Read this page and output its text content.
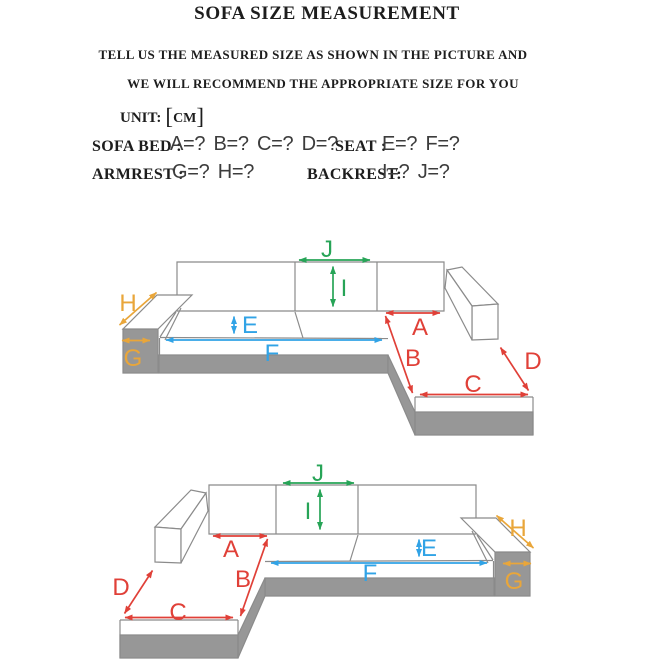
SOFA SIZE MEASUREMENT
TELL US THE MEASURED SIZE AS SHOWN IN THE PICTURE AND
WE WILL RECOMMEND THE APPROPRIATE SIZE FOR YOU
UNIT: [CM]
SOFA BED :
A=? B=? C=? D=?
SEAT :
E=? F=?
ARMREST :
G=? H=?	BACKREST:
I=? J=?
H
G
E
F
J
I
A
B
C
D
J
I
E
F
H
G
A
B
C
D
